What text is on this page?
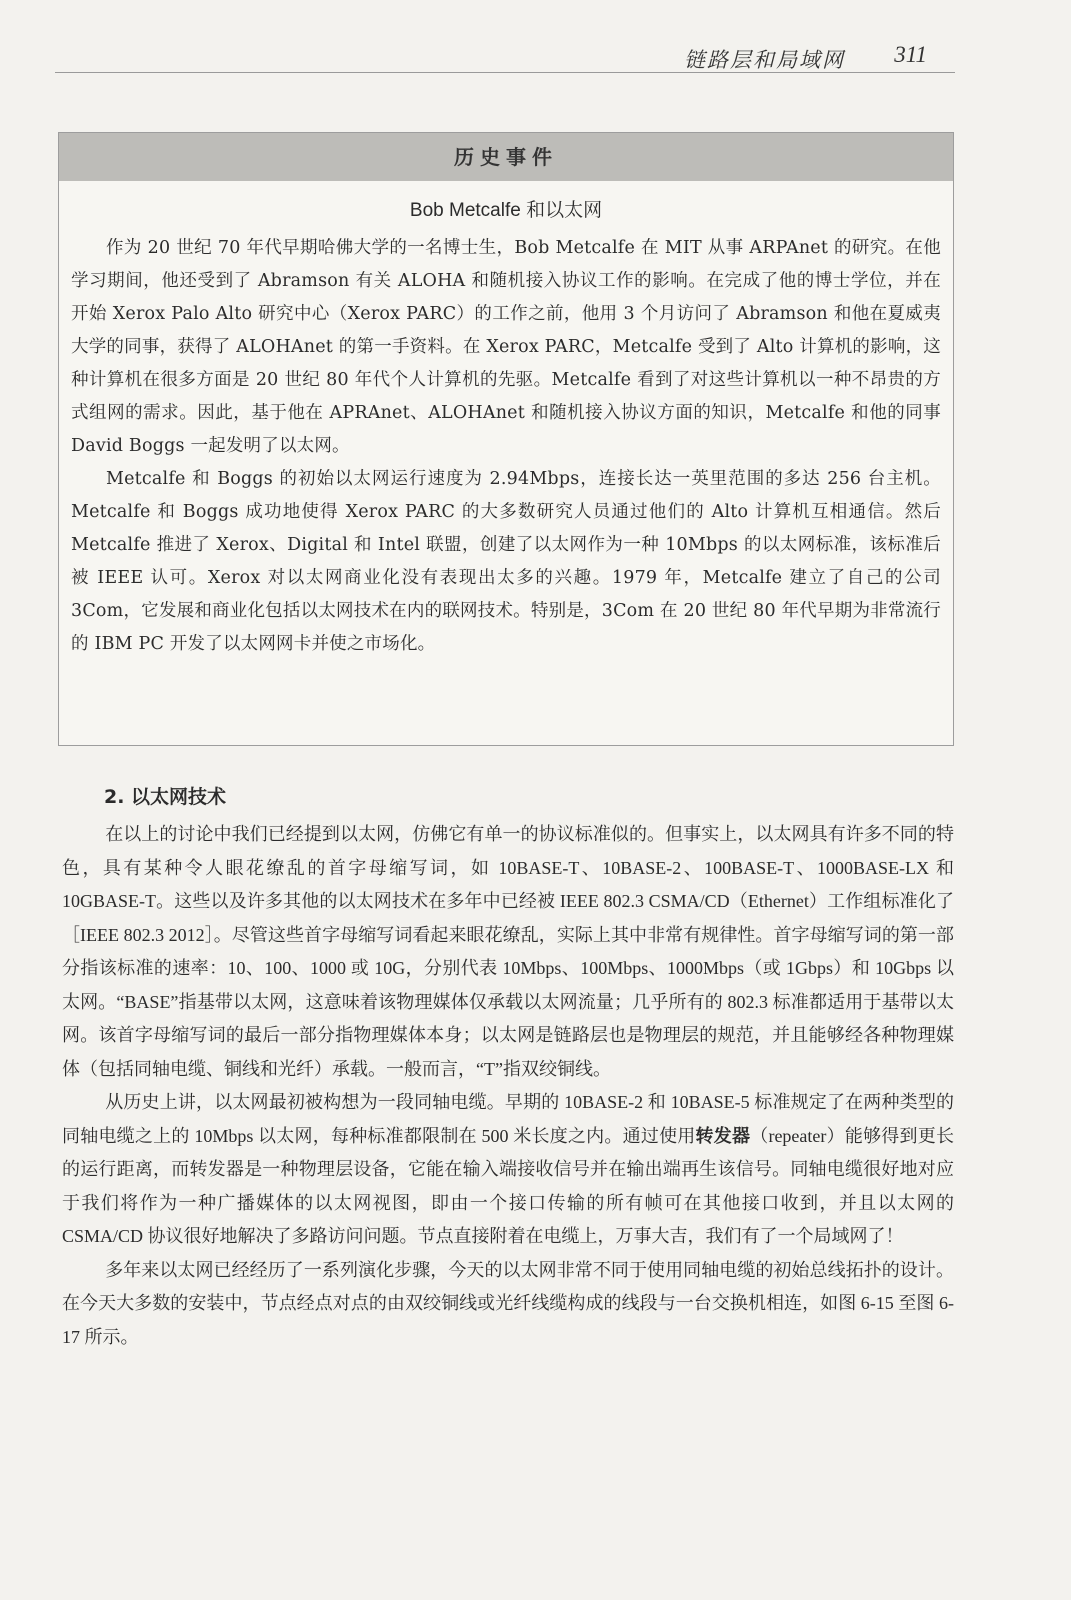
链路层和局域网 311
历史事件
Bob Metcalfe 和以太网

作为 20 世纪 70 年代早期哈佛大学的一名博士生，Bob Metcalfe 在 MIT 从事 ARPAnet 的研究。在他学习期间，他还受到了 Abramson 有关 ALOHA 和随机接入协议工作的影响。在完成了他的博士学位，并在开始 Xerox Palo Alto 研究中心（Xerox PARC）的工作之前，他用 3 个月访问了 Abramson 和他在夏威夷大学的同事，获得了 ALOHAnet 的第一手资料。在 Xerox PARC，Metcalfe 受到了 Alto 计算机的影响，这种计算机在很多方面是 20 世纪 80 年代个人计算机的先驱。Metcalfe 看到了对这些计算机以一种不昂贵的方式组网的需求。因此，基于他在 APRAnet、ALOHAnet 和随机接入协议方面的知识，Metcalfe 和他的同事 David Boggs 一起发明了以太网。

Metcalfe 和 Boggs 的初始以太网运行速度为 2.94Mbps，连接长达一英里范围的多达 256 台主机。Metcalfe 和 Boggs 成功地使得 Xerox PARC 的大多数研究人员通过他们的 Alto 计算机互相通信。然后 Metcalfe 推进了 Xerox、Digital 和 Intel 联盟，创建了以太网作为一种 10Mbps 的以太网标准，该标准后被 IEEE 认可。Xerox 对以太网商业化没有表现出太多的兴趣。1979 年，Metcalfe 建立了自己的公司 3Com，它发展和商业化包括以太网技术在内的联网技术。特别是，3Com 在 20 世纪 80 年代早期为非常流行的 IBM PC 开发了以太网网卡并使之市场化。

2. 以太网技术

在以上的讨论中我们已经提到以太网，仿佛它有单一的协议标准似的。但事实上，以太网具有许多不同的特色，具有某种令人眼花缭乱的首字母缩写词，如 10BASE-T、10BASE-2、100BASE-T、1000BASE-LX 和 10GBASE-T。这些以及许多其他的以太网技术在多年中已经被 IEEE 802.3 CSMA/CD（Ethernet）工作组标准化了［IEEE 802.3 2012］。尽管这些首字母缩写词看起来眼花缭乱，实际上其中非常有规律性。首字母缩写词的第一部分指该标准的速率：10、100、1000 或 10G，分别代表 10Mbps、100Mbps、1000Mbps（或 1Gbps）和 10Gbps 以太网。“BASE”指基带以太网，这意味着该物理媒体仅承载以太网流量；几乎所有的 802.3 标准都适用于基带以太网。该首字母缩写词的最后一部分指物理媒体本身；以太网是链路层也是物理层的规范，并且能够经各种物理媒体（包括同轴电缆、铜线和光纤）承载。一般而言，“T”指双绞铜线。

从历史上讲，以太网最初被构想为一段同轴电缆。早期的 10BASE-2 和 10BASE-5 标准规定了在两种类型的同轴电缆之上的 10Mbps 以太网，每种标准都限制在 500 米长度之内。通过使用转发器（repeater）能够得到更长的运行距离，而转发器是一种物理层设备，它能在输入端接收信号并在输出端再生该信号。同轴电缆很好地对应于我们将作为一种广播媒体的以太网视图，即由一个接口传输的所有帧可在其他接口收到，并且以太网的 CSMA/CD 协议很好地解决了多路访问问题。节点直接附着在电缆上，万事大吉，我们有了一个局域网了！

多年来以太网已经经历了一系列演化步骤，今天的以太网非常不同于使用同轴电缆的初始总线拓扑的设计。在今天大多数的安装中，节点经点对点的由双绞铜线或光纤线缆构成的线段与一台交换机相连，如图 6-15 至图 6-17 所示。
